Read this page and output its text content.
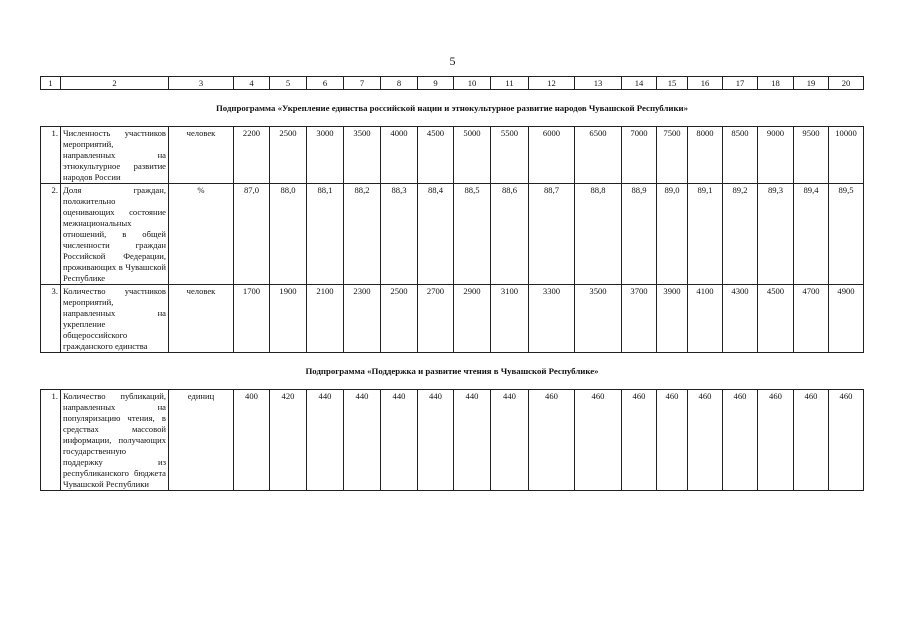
5
1	2	3	4	5	6	7	8	9	10	11	12	13	14	15	16	17	18	19	20
Подпрограмма «Укрепление единства российской нации и этнокультурное развитие народов Чувашской Республики»																			
1.	Численность участников мероприятий, направленных на этнокультурное развитие народов России	человек	2200	2500	3000	3500	4000	4500	5000	5500	6000	6500	7000	7500	8000	8500	9000	9500	10000
2.	Доля граждан, положительно оценивающих состояние межнациональных отношений, в общей численности граждан Российской Федерации, проживающих в Чувашской Республике	%	87,0	88,0	88,1	88,2	88,3	88,4	88,5	88,6	88,7	88,8	88,9	89,0	89,1	89,2	89,3	89,4	89,5
3.	Количество участников мероприятий, направленных на укрепление общероссийского гражданского единства	человек	1700	1900	2100	2300	2500	2700	2900	3100	3300	3500	3700	3900	4100	4300	4500	4700	4900
Подпрограмма «Поддержка и развитие чтения в Чувашской Республике»																			
1.	Количество публикаций, направленных на популяризацию чтения, в средствах массовой информации, получающих государственную поддержку из республиканского бюджета Чувашской Республики	единиц	400	420	440	440	440	440	440	440	460	460	460	460	460	460	460	460	460
